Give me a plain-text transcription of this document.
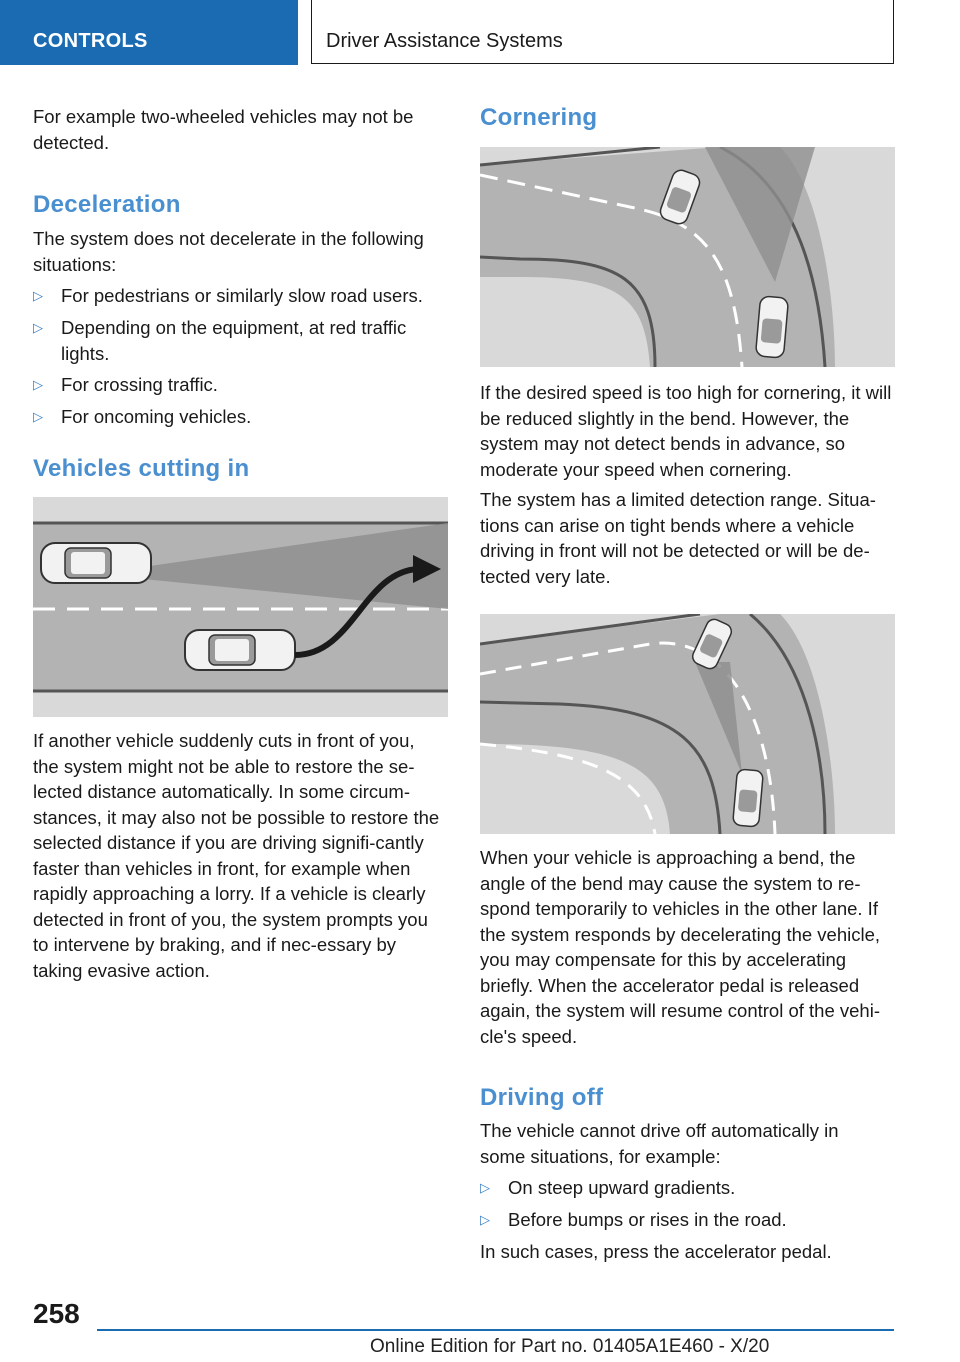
CONTROLS	Driver Assistance Systems

For example two-wheeled vehicles may not be detected.

Deceleration

The system does not decelerate in the following situations:

▷ For pedestrians or similarly slow road users.
▷ Depending on the equipment, at red traffic lights.
▷ For crossing traffic.
▷ For oncoming vehicles.
Vehicles cutting in

If another vehicle suddenly cuts in front of you, the system might not be able to restore the se-lected distance automatically. In some circum-stances, it may also not be possible to restore the selected distance if you are driving signifi-cantly faster than vehicles in front, for example when rapidly approaching a lorry. If a vehicle is clearly detected in front of you, the system prompts you to intervene by braking, and if nec-essary by taking evasive action.

Cornering

If the desired speed is too high for cornering, it will be reduced slightly in the bend. However, the system may not detect bends in advance, so moderate your speed when cornering.

The system has a limited detection range. Situa-tions can arise on tight bends where a vehicle driving in front will not be detected or will be de-tected very late.

When your vehicle is approaching a bend, the angle of the bend may cause the system to re-spond temporarily to vehicles in the other lane. If the system responds by decelerating the vehicle, you may compensate for this by accelerating briefly. When the accelerator pedal is released again, the system will resume control of the vehi-cle's speed.

Driving off

The vehicle cannot drive off automatically in some situations, for example:

▷ On steep upward gradients.
▷ Before bumps or rises in the road.

In such cases, press the accelerator pedal.

258
Online Edition for Part no. 01405A1E460 - X/20
